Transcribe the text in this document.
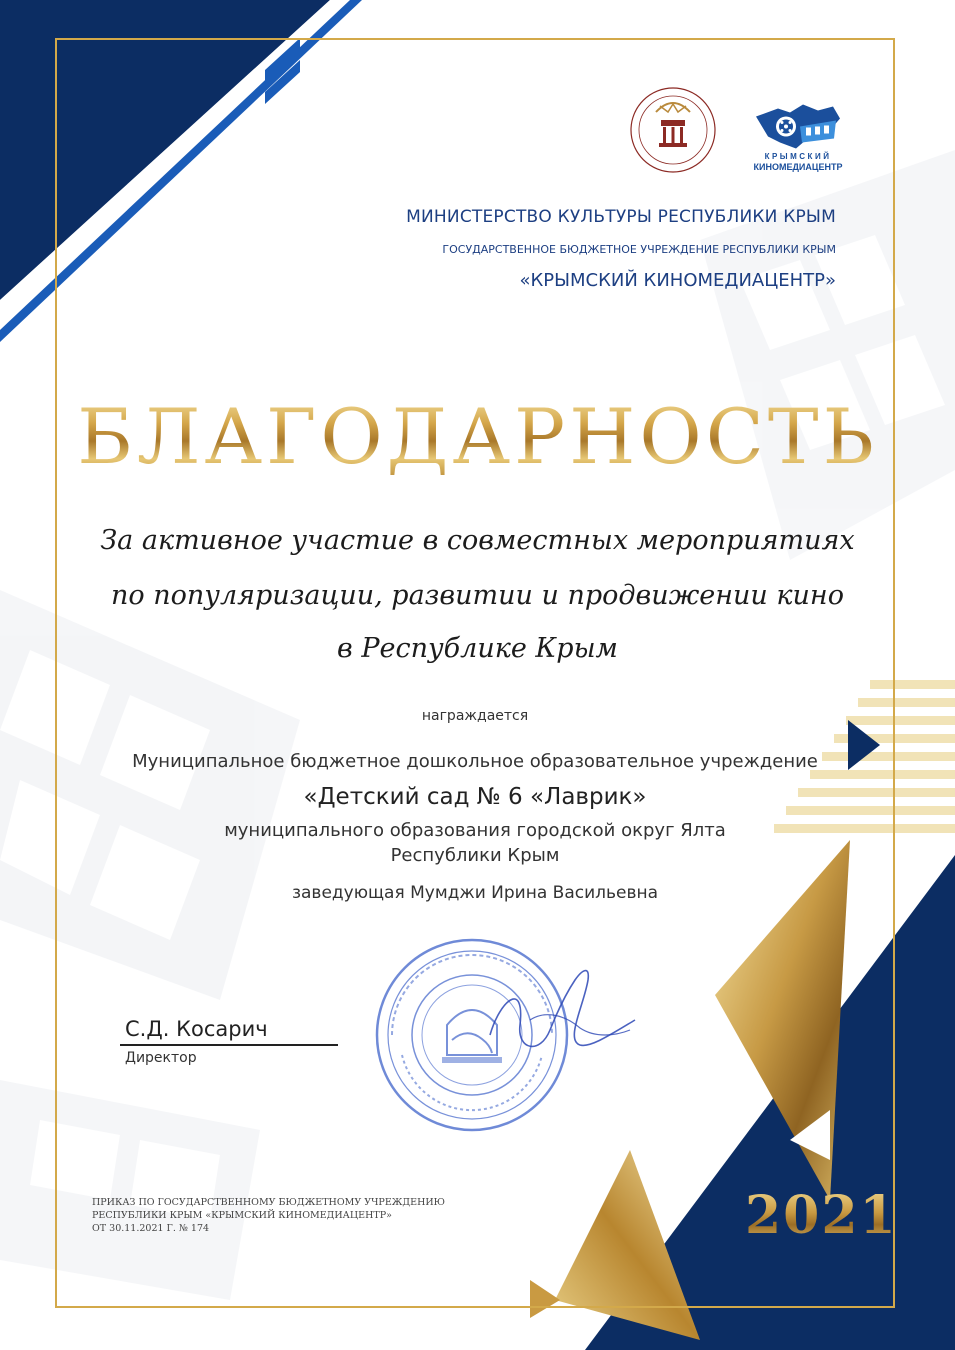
КРЫМСКИЙ
КИНОМЕДИАЦЕНТР
МИНИСТЕРСТВО КУЛЬТУРЫ РЕСПУБЛИКИ КРЫМ
ГОСУДАРСТВЕННОЕ БЮДЖЕТНОЕ УЧРЕЖДЕНИЕ РЕСПУБЛИКИ КРЫМ
«КРЫМСКИЙ КИНОМЕДИАЦЕНТР»
БЛАГОДАРНОСТЬ
За активное участие в совместных мероприятиях
по популяризации, развитии и продвижении кино
в Республике Крым
награждается
Муниципальное бюджетное дошкольное образовательное учреждение
«Детский сад № 6 «Лаврик»
муниципального образования городской округ Ялта
Республики Крым
заведующая Мумджи Ирина Васильевна
С.Д. Косарич
Директор
ПРИКАЗ ПО ГОСУДАРСТВЕННОМУ БЮДЖЕТНОМУ УЧРЕЖДЕНИЮ
РЕСПУБЛИКИ КРЫМ «КРЫМСКИЙ КИНОМЕДИАЦЕНТР»
ОТ 30.11.2021 Г. № 174	2021
